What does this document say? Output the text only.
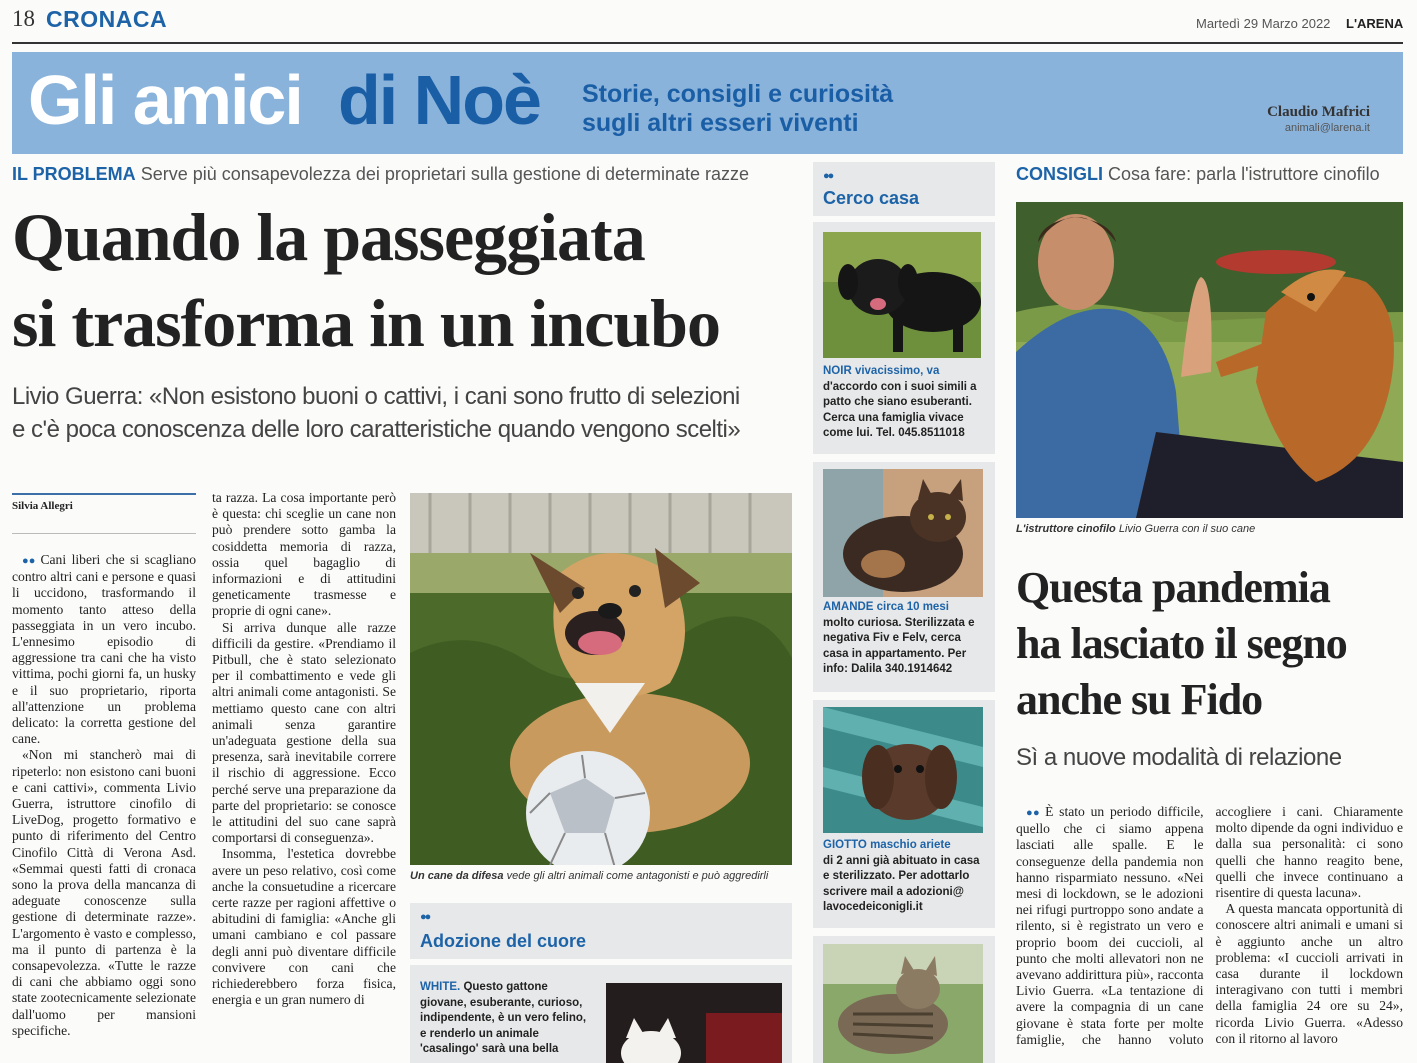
18 CRONACA	Martedì 29 Marzo 2022 L'ARENA
Gli amici di Noè Storie, consigli e curiosità
sugli altri esseri viventi	Claudio Mafrici
animali@larena.it
IL PROBLEMA Serve più consapevolezza dei proprietari sulla gestione di determinate razze
Quando la passeggiata
si trasforma in un incubo
Livio Guerra: «Non esistono buoni o cattivi, i cani sono frutto di selezioni
e c'è poca conoscenza delle loro caratteristiche quando vengono scelti»
Silvia Allegri

●● Cani liberi che si scagliano contro altri cani e persone e quasi li uccidono, trasformando il momento tanto atteso della passeggiata in un vero incubo. L'ennesimo episodio di aggressione tra cani che ha visto vittima, pochi giorni fa, un husky e il suo proprietario, riporta all'attenzione un problema delicato: la corretta gestione del cane.

«Non mi stancherò mai di ripeterlo: non esistono cani buoni e cani cattivi», commenta Livio Guerra, istruttore cinofilo di LiveDog, progetto formativo e punto di riferimento del Centro Cinofilo Città di Verona Asd. «Semmai questi fatti di cronaca sono la prova della mancanza di adeguate conoscenze sulla gestione di determinate razze». L'argomento è vasto e complesso, ma il punto di partenza è la consapevolezza. «Tutte le razze di cani che abbiamo oggi sono state zootecnicamente selezionate dall'uomo per mansioni specifiche.

ta razza. La cosa importante però è questa: chi sceglie un cane non può prendere sotto gamba la cosiddetta memoria di razza, ossia quel bagaglio di informazioni e di attitudini geneticamente trasmesse e proprie di ogni cane».

Si arriva dunque alle razze difficili da gestire. «Prendiamo il Pitbull, che è stato selezionato per il combattimento e vede gli altri animali come antagonisti. Se mettiamo questo cane con altri animali senza garantire un'adeguata gestione della sua presenza, sarà inevitabile correre il rischio di aggressione. Ecco perché serve una preparazione da parte del proprietario: se conosce le attitudini del suo cane saprà comportarsi di conseguenza».

Insomma, l'estetica dovrebbe avere un peso relativo, così come anche la consuetudine a ricercare certe razze per ragioni affettive o abitudini di famiglia: «Anche gli umani cambiano e col passare degli anni può diventare difficile convivere con cani che richiederebbero forza fisica, energia e un gran numero di

Un cane da difesa vede gli altri animali come antagonisti e può aggredirli
●●
Adozione del cuore
WHITE. Questo gattone giovane, esuberante, curioso, indipendente, è un vero felino, e renderlo un animale 'casalingo' sarà una bella
●●
Cerco casa
NOIR vivacissimo, va
d'accordo con i suoi simili a patto che siano esuberanti. Cerca una famiglia vivace come lui. Tel. 045.8511018
AMANDE circa 10 mesi
molto curiosa. Sterilizzata e negativa Fiv e Felv, cerca casa in appartamento. Per info: Dalila 340.1914642
GIOTTO maschio ariete
di 2 anni già abituato in casa e sterilizzato. Per adottarlo scrivere mail a adozioni@ lavocedeiconigli.it
CONSIGLI Cosa fare: parla l'istruttore cinofilo
L'istruttore cinofilo Livio Guerra con il suo cane
Questa pandemia
ha lasciato il segno
anche su Fido
Sì a nuove modalità di relazione

●● È stato un periodo difficile, quello che ci siamo appena lasciati alle spalle. E le conseguenze della pandemia non hanno risparmiato nessuno. «Nei mesi di lockdown, se le adozioni nei rifugi purtroppo sono andate a rilento, si è registrato un vero e proprio boom dei cuccioli, al punto che molti allevatori non ne avevano addirittura più», racconta Livio Guerra. «La tentazione di avere la compagnia di un cane giovane è stata forte per molte famiglie, che hanno voluto accogliere i cani. Chiaramente molto dipende da ogni individuo e dalla sua personalità: ci sono quelli che hanno reagito bene, quelli che invece continuano a risentire di questa lacuna».

A questa mancata opportunità di conoscere altri animali e umani si è aggiunto anche un altro problema: «I cuccioli arrivati in casa durante il lockdown interagivano con tutti i membri della famiglia 24 ore su 24», ricorda Livio Guerra. «Adesso con il ritorno al lavoro
